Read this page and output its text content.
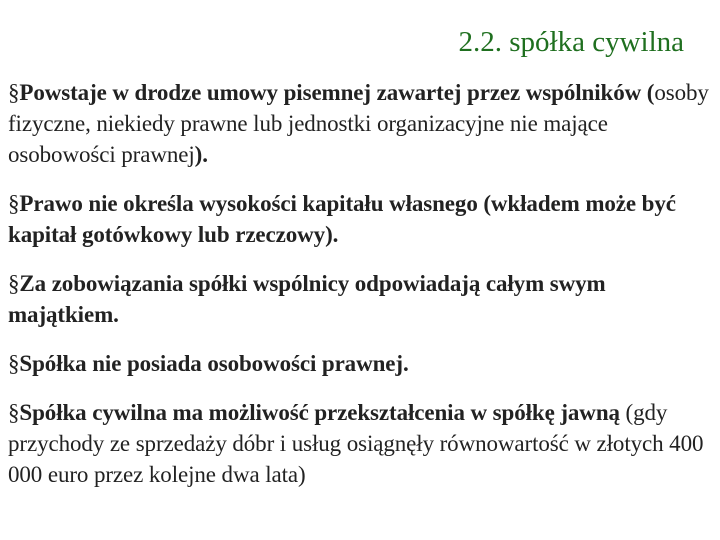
2.2. spółka cywilna

§Powstaje w drodze umowy pisemnej zawartej przez wspólników (osoby fizyczne, niekiedy prawne lub jednostki organizacyjne nie mające osobowości prawnej).

§Prawo nie określa wysokości kapitału własnego (wkładem może być kapitał gotówkowy lub rzeczowy).

§Za zobowiązania spółki wspólnicy odpowiadają całym swym majątkiem.

§Spółka nie posiada osobowości prawnej.

§Spółka cywilna ma możliwość przekształcenia w spółkę jawną (gdy przychody ze sprzedaży dóbr i usług osiągnęły równowartość w złotych 400 000 euro przez kolejne dwa lata)
